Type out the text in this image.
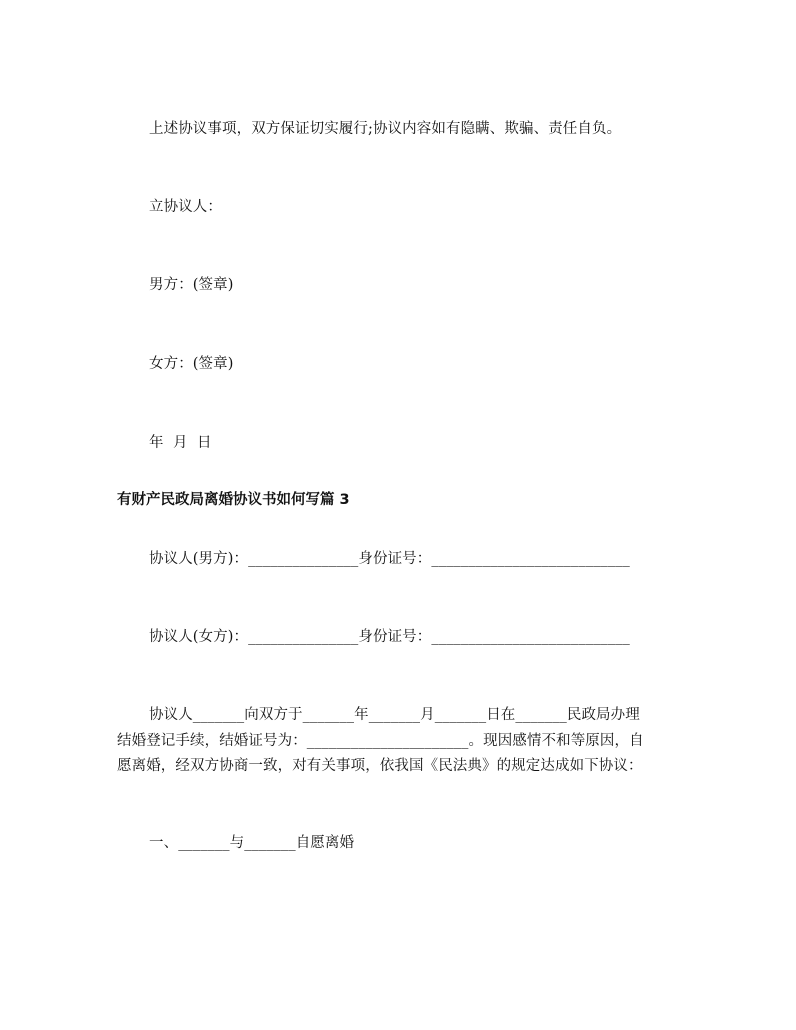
上述协议事项，双方保证切实履行;协议内容如有隐瞒、欺骗、责任自负。

立协议人：

男方：(签章)

女方：(签章)

年  月  日

有财产民政局离婚协议书如何写篇 3

协议人(男方)：_______________身份证号：___________________________

协议人(女方)：_______________身份证号：___________________________

协议人_______向双方于_______年_______月_______日在_______民政局办理

结婚登记手续，结婚证号为：______________________。现因感情不和等原因，自

愿离婚，经双方协商一致，对有关事项，依我国《民法典》的规定达成如下协议：

一、_______与_______自愿离婚
